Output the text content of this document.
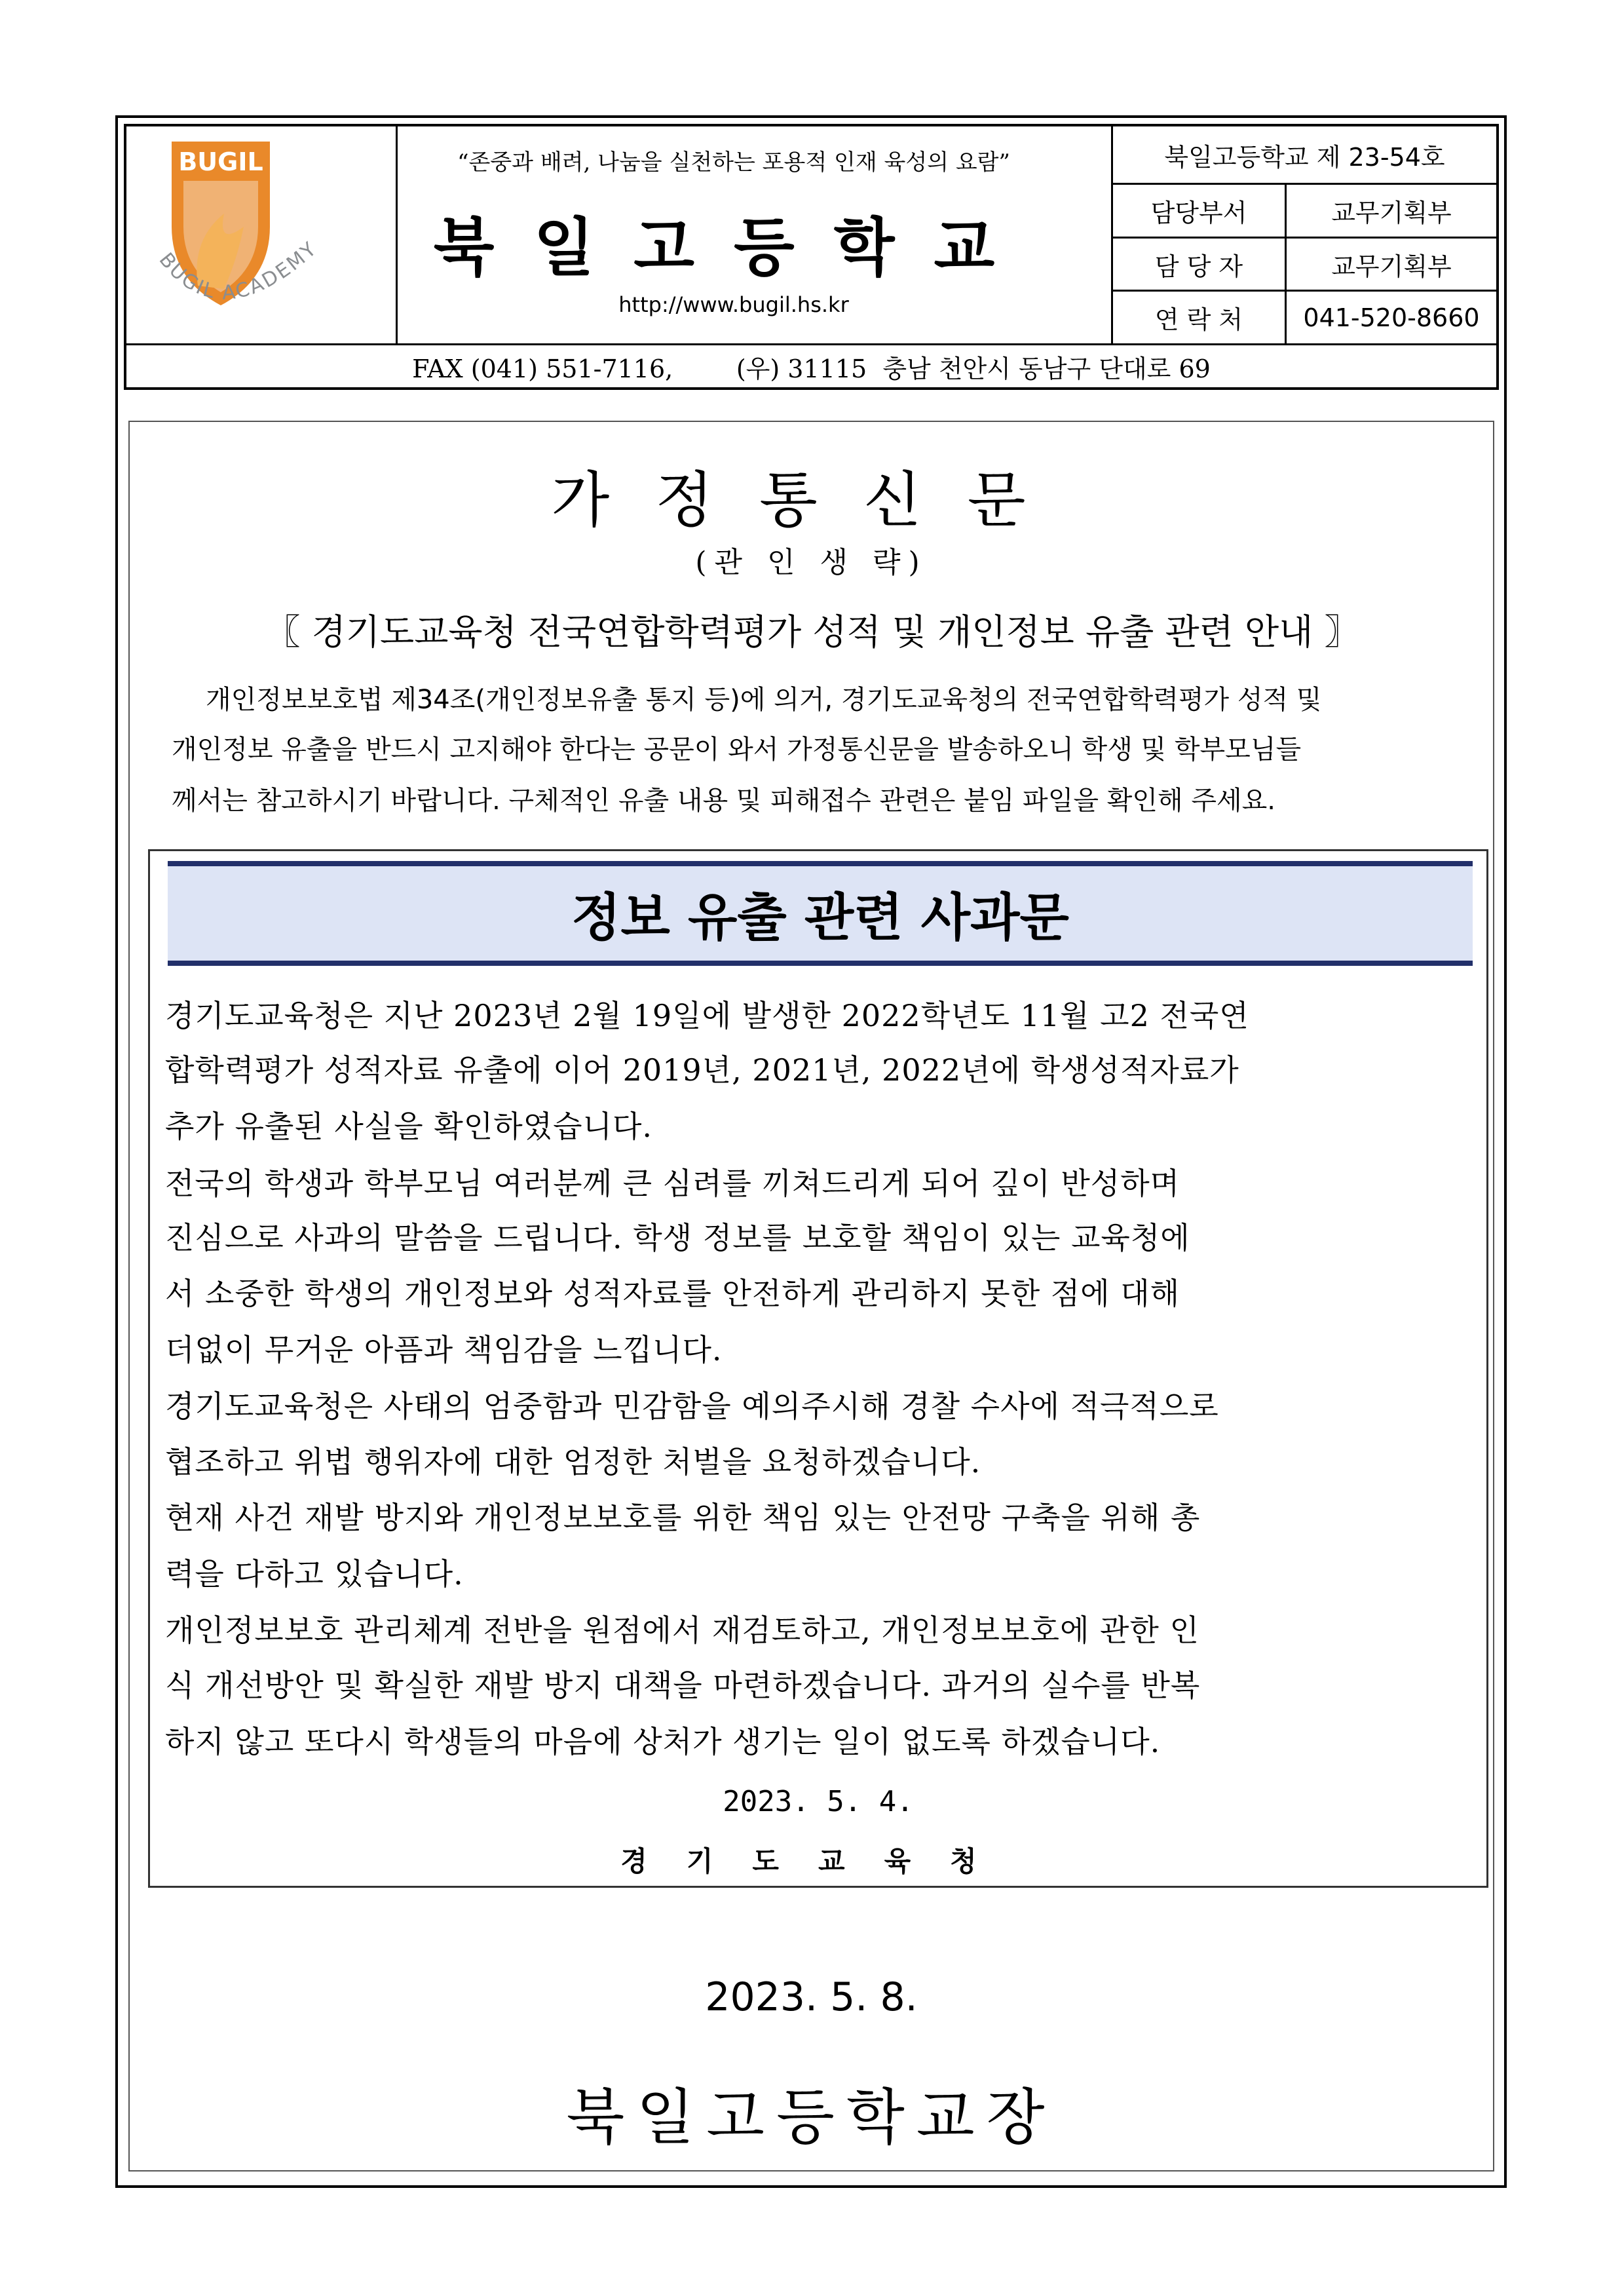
북일고등학교 제 23-54호
담당부서	교무기획부
담 당 자	교무기획부
연 락 처	041-520-8660
BUGIL
BUGIL ACADEMY
“존중과 배려, 나눔을 실천하는 포용적 인재 육성의 요람”
북일고등학교
http://www.bugil.hs.kr
FAX (041) 551-7116,        (우) 31115  충남 천안시 동남구 단대로 69
가정통신문
(관 인 생 략)
〖 경기도교육청 전국연합학력평가 성적 및 개인정보 유출 관련 안내 〗
개인정보보호법 제34조(개인정보유출 통지 등)에 의거, 경기도교육청의 전국연합학력평가 성적 및
개인정보 유출을 반드시 고지해야 한다는 공문이 와서 가정통신문을 발송하오니 학생 및 학부모님들
께서는 참고하시기 바랍니다. 구체적인 유출 내용 및 피해접수 관련은 붙임 파일을 확인해 주세요.
정보 유출 관련 사과문
경기도교육청은 지난 2023년 2월 19일에 발생한 2022학년도 11월 고2 전국연
합학력평가 성적자료 유출에 이어 2019년, 2021년, 2022년에 학생성적자료가
추가 유출된 사실을 확인하였습니다.
전국의 학생과 학부모님 여러분께 큰 심려를 끼쳐드리게 되어 깊이 반성하며
진심으로 사과의 말씀을 드립니다. 학생 정보를 보호할 책임이 있는 교육청에
서 소중한 학생의 개인정보와 성적자료를 안전하게 관리하지 못한 점에 대해
더없이 무거운 아픔과 책임감을 느낍니다.
경기도교육청은 사태의 엄중함과 민감함을 예의주시해 경찰 수사에 적극적으로
협조하고 위법 행위자에 대한 엄정한 처벌을 요청하겠습니다.
현재 사건 재발 방지와 개인정보보호를 위한 책임 있는 안전망 구축을 위해 총
력을 다하고 있습니다.
개인정보보호 관리체계 전반을 원점에서 재검토하고, 개인정보보호에 관한 인
식 개선방안 및 확실한 재발 방지 대책을 마련하겠습니다. 과거의 실수를 반복
하지 않고 또다시 학생들의 마음에 상처가 생기는 일이 없도록 하겠습니다.
2023. 5. 4.
경기도교육청
2023. 5. 8.
북일고등학교장
